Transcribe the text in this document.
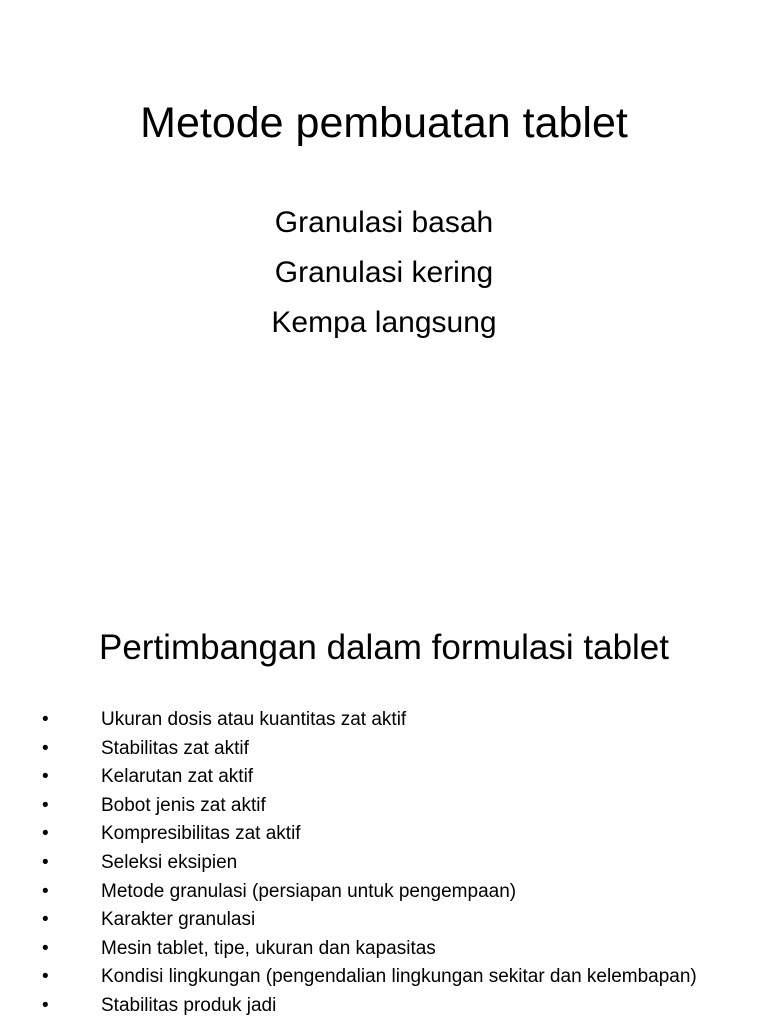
Metode pembuatan tablet
Granulasi basah
Granulasi kering
Kempa langsung
Pertimbangan dalam formulasi tablet
•	Ukuran dosis atau kuantitas zat aktif
•	Stabilitas zat aktif
•	Kelarutan zat aktif
•	Bobot jenis zat aktif
•	Kompresibilitas zat aktif
•	Seleksi eksipien
•	Metode granulasi (persiapan untuk pengempaan)
•	Karakter granulasi
•	Mesin tablet, tipe, ukuran dan kapasitas
•	Kondisi lingkungan (pengendalian lingkungan sekitar dan kelembapan)
•	Stabilitas produk jadi
